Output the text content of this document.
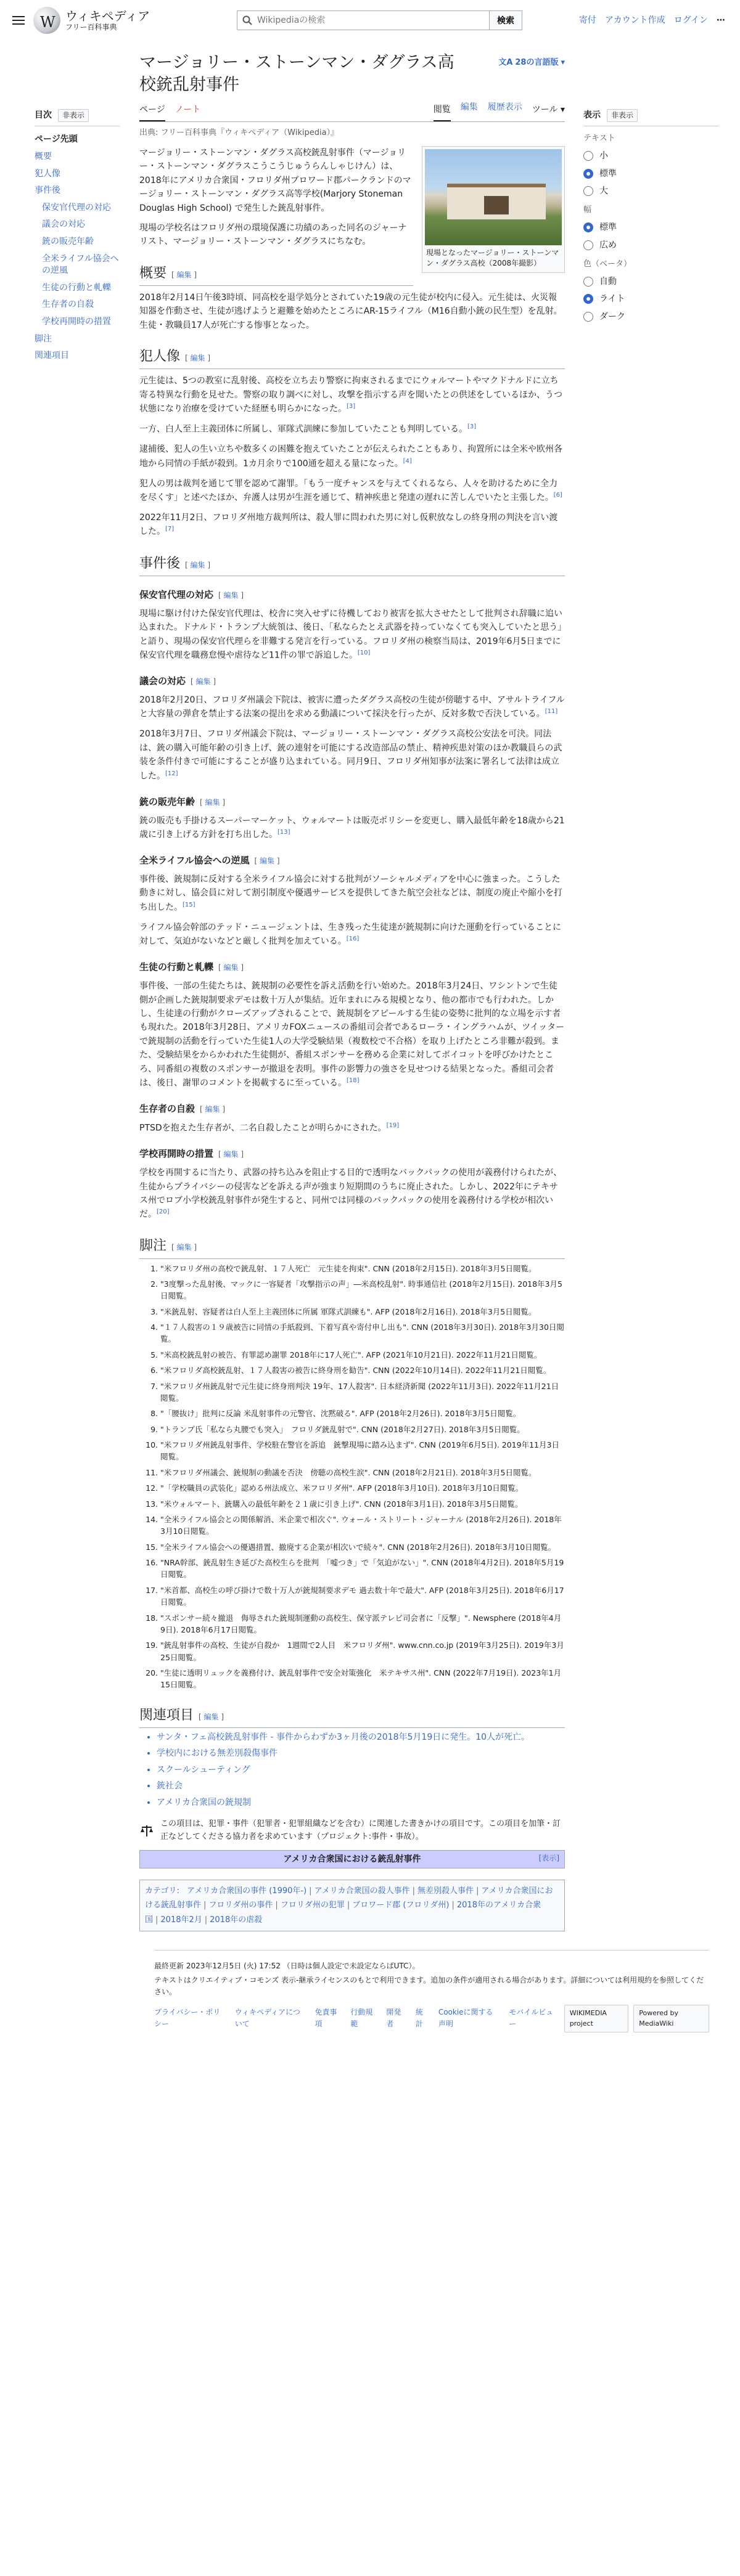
W
ウィキペディア
フリー百科事典
Wikipediaの検索
検索	寄付 アカウント作成 ログイン ⋯
目次	非表示
ページ先頭
概要
犯人像
事件後
保安官代理の対応
議会の対応
銃の販売年齢
全米ライフル協会への逆風
生徒の行動と軋轢
生存者の自殺
学校再開時の措置
脚注
関連項目
マージョリー・ストーンマン・ダグラス高校銃乱射事件
文A 28の言語版 ▾
ページ ノート	閲覧 編集 履歴表示 ツール ▾
出典: フリー百科事典『ウィキペディア（Wikipedia）』
現場となったマージョリー・ストーンマン・ダグラス高校（2008年撮影）

マージョリー・ストーンマン・ダグラス高校銃乱射事件（マージョリー・ストーンマン・ダグラスこうこうじゅうらんしゃじけん）は、2018年にアメリカ合衆国・フロリダ州ブロワード郡パークランドのマージョリー・ストーンマン・ダグラス高等学校(Marjory Stoneman Douglas High School) で発生した銃乱射事件。

現場の学校名はフロリダ州の環境保護に功績のあった同名のジャーナリスト、マージョリー・ストーンマン・ダグラスにちなむ。

概要 [ 編集 ]

2018年2月14日午後3時頃、同高校を退学処分とされていた19歳の元生徒が校内に侵入。元生徒は、火災報知器を作動させ、生徒が逃げようと避難を始めたところにAR-15ライフル（M16自動小銃の民生型）を乱射。生徒・教職員17人が死亡する惨事となった。

犯人像 [ 編集 ]

元生徒は、5つの教室に乱射後、高校を立ち去り警察に拘束されるまでにウォルマートやマクドナルドに立ち寄る特異な行動を見せた。警察の取り調べに対し、攻撃を指示する声を聞いたとの供述をしているほか、うつ状態になり治療を受けていた経歴も明らかになった。[3]

一方、白人至上主義団体に所属し、軍隊式訓練に参加していたことも判明している。[3]

逮捕後、犯人の生い立ちや数多くの困難を抱えていたことが伝えられたこともあり、拘置所には全米や欧州各地から同情の手紙が殺到。1カ月余りで100通を超える量になった。[4]

犯人の男は裁判を通じて罪を認めて謝罪。「もう一度チャンスを与えてくれるなら、人々を助けるために全力を尽くす」と述べたほか、弁護人は男が生涯を通じて、精神疾患と発達の遅れに苦しんでいたと主張した。[6]

2022年11月2日、フロリダ州地方裁判所は、殺人罪に問われた男に対し仮釈放なしの終身刑の判決を言い渡した。[7]

事件後 [ 編集 ]
保安官代理の対応 [ 編集 ]

現場に駆け付けた保安官代理は、校舎に突入せずに待機しており被害を拡大させたとして批判され辞職に追い込まれた。ドナルド・トランプ大統領は、後日、「私ならたとえ武器を持っていなくても突入していたと思う」と語り、現場の保安官代理らを非難する発言を行っている。フロリダ州の検察当局は、2019年6月5日までに保安官代理を職務怠慢や虐待など11件の罪で訴追した。[10]

議会の対応 [ 編集 ]

2018年2月20日、フロリダ州議会下院は、被害に遭ったダグラス高校の生徒が傍聴する中、アサルトライフルと大容量の弾倉を禁止する法案の提出を求める動議について採決を行ったが、反対多数で否決している。[11]

2018年3月7日、フロリダ州議会下院は、マージョリー・ストーンマン・ダグラス高校公安法を可決。同法は、銃の購入可能年齢の引き上げ、銃の連射を可能にする改造部品の禁止、精神疾患対策のほか教職員らの武装を条件付きで可能にすることが盛り込まれている。同月9日、フロリダ州知事が法案に署名して法律は成立した。[12]

銃の販売年齢 [ 編集 ]

銃の販売も手掛けるスーパーマーケット、ウォルマートは販売ポリシーを変更し、購入最低年齢を18歳から21歳に引き上げる方針を打ち出した。[13]

全米ライフル協会への逆風 [ 編集 ]

事件後、銃規制に反対する全米ライフル協会に対する批判がソーシャルメディアを中心に強まった。こうした動きに対し、協会員に対して割引制度や優遇サービスを提供してきた航空会社などは、制度の廃止や縮小を打ち出した。[15]

ライフル協会幹部のテッド・ニュージェントは、生き残った生徒達が銃規制に向けた運動を行っていることに対して、気迫がないなどと厳しく批判を加えている。[16]

生徒の行動と軋轢 [ 編集 ]

事件後、一部の生徒たちは、銃規制の必要性を訴え活動を行い始めた。2018年3月24日、ワシントンで生徒側が企画した銃規制要求デモは数十万人が集結。近年まれにみる規模となり、他の都市でも行われた。しかし、生徒達の行動がクローズアップされることで、銃規制をアピールする生徒の姿勢に批判的な立場を示す者も現れた。2018年3月28日、アメリカFOXニュースの番組司会者であるローラ・イングラハムが、ツイッターで銃規制の活動を行っていた生徒1人の大学受験結果（複数校で不合格）を取り上げたところ非難が殺到。また、受験結果をからかわれた生徒側が、番組スポンサーを務める企業に対してボイコットを呼びかけたところ、同番組の複数のスポンサーが撤退を表明。事件の影響力の強さを見せつける結果となった。番組司会者は、後日、謝罪のコメントを掲載するに至っている。[18]

生存者の自殺 [ 編集 ]

PTSDを抱えた生存者が、二名自殺したことが明らかにされた。[19]

学校再開時の措置 [ 編集 ]

学校を再開するに当たり、武器の持ち込みを阻止する目的で透明なバックパックの使用が義務付けられたが、生徒からプライバシーの侵害などを訴える声が強まり短期間のうちに廃止された。しかし、2022年にテキサス州でロブ小学校銃乱射事件が発生すると、同州では同様のバックパックの使用を義務付ける学校が相次いだ。[20]

脚注 [ 編集 ]
1. "米フロリダ州の高校で銃乱射、１７人死亡　元生徒を拘束". CNN (2018年2月15日). 2018年3月5日閲覧。
2. "3度撃った乱射後、マックに一容疑者「攻撃指示の声」―米高校乱射". 時事通信社 (2018年2月15日). 2018年3月5日閲覧。
3. "米銃乱射、容疑者は白人至上主義団体に所属 軍隊式訓練も". AFP (2018年2月16日). 2018年3月5日閲覧。
4. "１７人殺害の１９歳被告に同情の手紙殺到、下着写真や寄付申し出も". CNN (2018年3月30日). 2018年3月30日閲覧。
5. "米高校銃乱射の被告、有罪認め謝罪 2018年に17人死亡". AFP (2021年10月21日). 2022年11月21日閲覧。
6. "米フロリダ高校銃乱射、１７人殺害の被告に終身刑を勧告". CNN (2022年10月14日). 2022年11月21日閲覧。
7. "米フロリダ州銃乱射で元生徒に終身刑判決 19年、17人殺害". 日本経済新聞 (2022年11月3日). 2022年11月21日閲覧。
8. "「腰抜け」批判に反論 米乱射事件の元警官、沈黙破る". AFP (2018年2月26日). 2018年3月5日閲覧。
9. "トランプ氏「私なら丸腰でも突入」　フロリダ銃乱射で". CNN (2018年2月27日). 2018年3月5日閲覧。
10. "米フロリダ州銃乱射事件、学校駐在警官を訴追　銃撃現場に踏み込まず". CNN (2019年6月5日). 2019年11月3日閲覧。
11. "米フロリダ州議会、銃規制の動議を否決　傍聴の高校生涙". CNN (2018年2月21日). 2018年3月5日閲覧。
12. "「学校職員の武装化」認める州法成立、米フロリダ州". AFP (2018年3月10日). 2018年3月10日閲覧。
13. "米ウォルマート、銃購入の最低年齢を２１歳に引き上げ". CNN (2018年3月1日). 2018年3月5日閲覧。
14. "全米ライフル協会との関係解消、米企業で相次ぐ". ウォール・ストリート・ジャーナル (2018年2月26日). 2018年3月10日閲覧。
15. "全米ライフル協会への優遇措置、撤廃する企業が相次いで続々". CNN (2018年2月26日). 2018年3月10日閲覧。
16. "NRA幹部、銃乱射生き延びた高校生らを批判　「嘘つき」で「気迫がない」". CNN (2018年4月2日). 2018年5月19日閲覧。
17. "米首都、高校生の呼び掛けで数十万人が銃規制要求デモ 過去数十年で最大". AFP (2018年3月25日). 2018年6月17日閲覧。
18. "スポンサー続々撤退　侮辱された銃規制運動の高校生、保守派テレビ司会者に「反撃」". Newsphere (2018年4月9日). 2018年6月17日閲覧。
19. "銃乱射事件の高校、生徒が自殺か　1週間で2人目　米フロリダ州". www.cnn.co.jp (2019年3月25日). 2019年3月25日閲覧。
20. "生徒に透明リュックを義務付け、銃乱射事件で安全対策強化　米テキサス州". CNN (2022年7月19日). 2023年1月15日閲覧。
関連項目 [ 編集 ]
• サンタ・フェ高校銃乱射事件 - 事件からわずか3ヶ月後の2018年5月19日に発生。10人が死亡。
• 学校内における無差別殺傷事件
• スクールシューティング
• 銃社会
• アメリカ合衆国の銃規制
この項目は、犯罪・事件（犯罪者・犯罪組織などを含む）に関連した書きかけの項目です。この項目を加筆・訂正などしてくださる協力者を求めています（プロジェクト:事件・事故）。
アメリカ合衆国における銃乱射事件	[表示]
カテゴリ: アメリカ合衆国の事件 (1990年-) | アメリカ合衆国の殺人事件 | 無差別殺人事件 | アメリカ合衆国における銃乱射事件 | フロリダ州の事件 | フロリダ州の犯罪 | ブロワード郡 (フロリダ州) | 2018年のアメリカ合衆国 | 2018年2月 | 2018年の虐殺
表示	非表示
テキスト
小
標準
大
幅
標準
広め
色（ベータ）
自動
ライト
ダーク

最終更新 2023年12月5日 (火) 17:52 （日時は個人設定で未設定ならばUTC）。

テキストはクリエイティブ・コモンズ 表示-継承ライセンスのもとで利用できます。追加の条件が適用される場合があります。詳細については利用規約を参照してください。

プライバシー・ポリシー
ウィキペディアについて
免責事項
行動規範
開発者
統計
Cookieに関する声明
モバイルビュー
WIKIMEDIA project
Powered by MediaWiki
